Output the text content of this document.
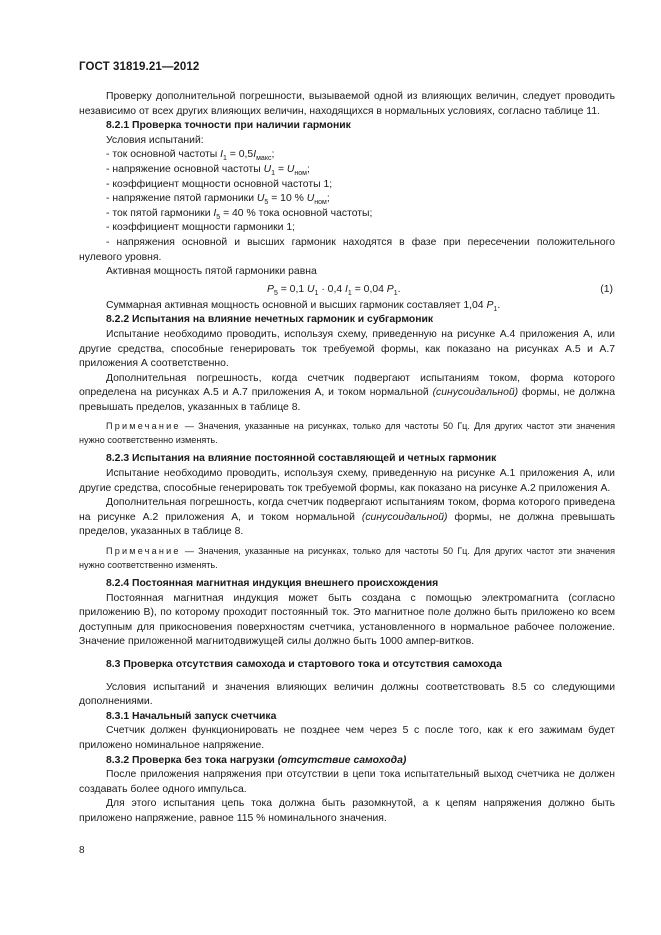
ГОСТ 31819.21—2012

Проверку дополнительной погрешности, вызываемой одной из влияющих величин, следует проводить независимо от всех других влияющих величин, находящихся в нормальных условиях, согласно таблице 11.

8.2.1 Проверка точности при наличии гармоник

Условия испытаний:

- ток основной частоты $I_1 = 0,5I_{макс}$;

- напряжение основной частоты $U_1 = U_{ном}$;

- коэффициент мощности основной частоты 1;

- напряжение пятой гармоники $U_5 = 10$ % $U_{ном}$;

- ток пятой гармоники $I_5 = 40$ % тока основной частоты;

- коэффициент мощности гармоники 1;

- напряжения основной и высших гармоник находятся в фазе при пересечении положительного нулевого уровня.

Активная мощность пятой гармоники равна

$P_5 = 0,1$ $U_1 \cdot 0,4$ $I_1 = 0,04$ $P_1$.	(1)

Суммарная активная мощность основной и высших гармоник составляет 1,04 $P_1$.

8.2.2 Испытания на влияние нечетных гармоник и субгармоник

Испытание необходимо проводить, используя схему, приведенную на рисунке А.4 приложения А, или другие средства, способные генерировать ток требуемой формы, как показано на рисунках А.5 и А.7 приложения А соответственно.

Дополнительная погрешность, когда счетчик подвергают испытаниям током, форма которого определена на рисунках А.5 и А.7 приложения А, и током нормальной (синусоидальной) формы, не должна превышать пределов, указанных в таблице 8.

Примечание — Значения, указанные на рисунках, только для частоты 50 Гц. Для других частот эти значения нужно соответственно изменять.

8.2.3 Испытания на влияние постоянной составляющей и четных гармоник

Испытание необходимо проводить, используя схему, приведенную на рисунке А.1 приложения А, или другие средства, способные генерировать ток требуемой формы, как показано на рисунке А.2 приложения А.

Дополнительная погрешность, когда счетчик подвергают испытаниям током, форма которого приведена на рисунке А.2 приложения А, и током нормальной (синусоидальной) формы, не должна превышать пределов, указанных в таблице 8.

Примечание — Значения, указанные на рисунках, только для частоты 50 Гц. Для других частот эти значения нужно соответственно изменять.

8.2.4 Постоянная магнитная индукция внешнего происхождения

Постоянная магнитная индукция может быть создана с помощью электромагнита (согласно приложению В), по которому проходит постоянный ток. Это магнитное поле должно быть приложено ко всем доступным для прикосновения поверхностям счетчика, установленного в нормальное рабочее положение. Значение приложенной магнитодвижущей силы должно быть 1000 ампер-витков.

8.3 Проверка отсутствия самохода и стартового тока и отсутствия самохода

Условия испытаний и значения влияющих величин должны соответствовать 8.5 со следующими дополнениями.

8.3.1 Начальный запуск счетчика

Счетчик должен функционировать не позднее чем через 5 с после того, как к его зажимам будет приложено номинальное напряжение.

8.3.2 Проверка без тока нагрузки (отсутствие самохода)

После приложения напряжения при отсутствии в цепи тока испытательный выход счетчика не должен создавать более одного импульса.

Для этого испытания цепь тока должна быть разомкнутой, а к цепям напряжения должно быть приложено напряжение, равное 115 % номинального значения.

8
